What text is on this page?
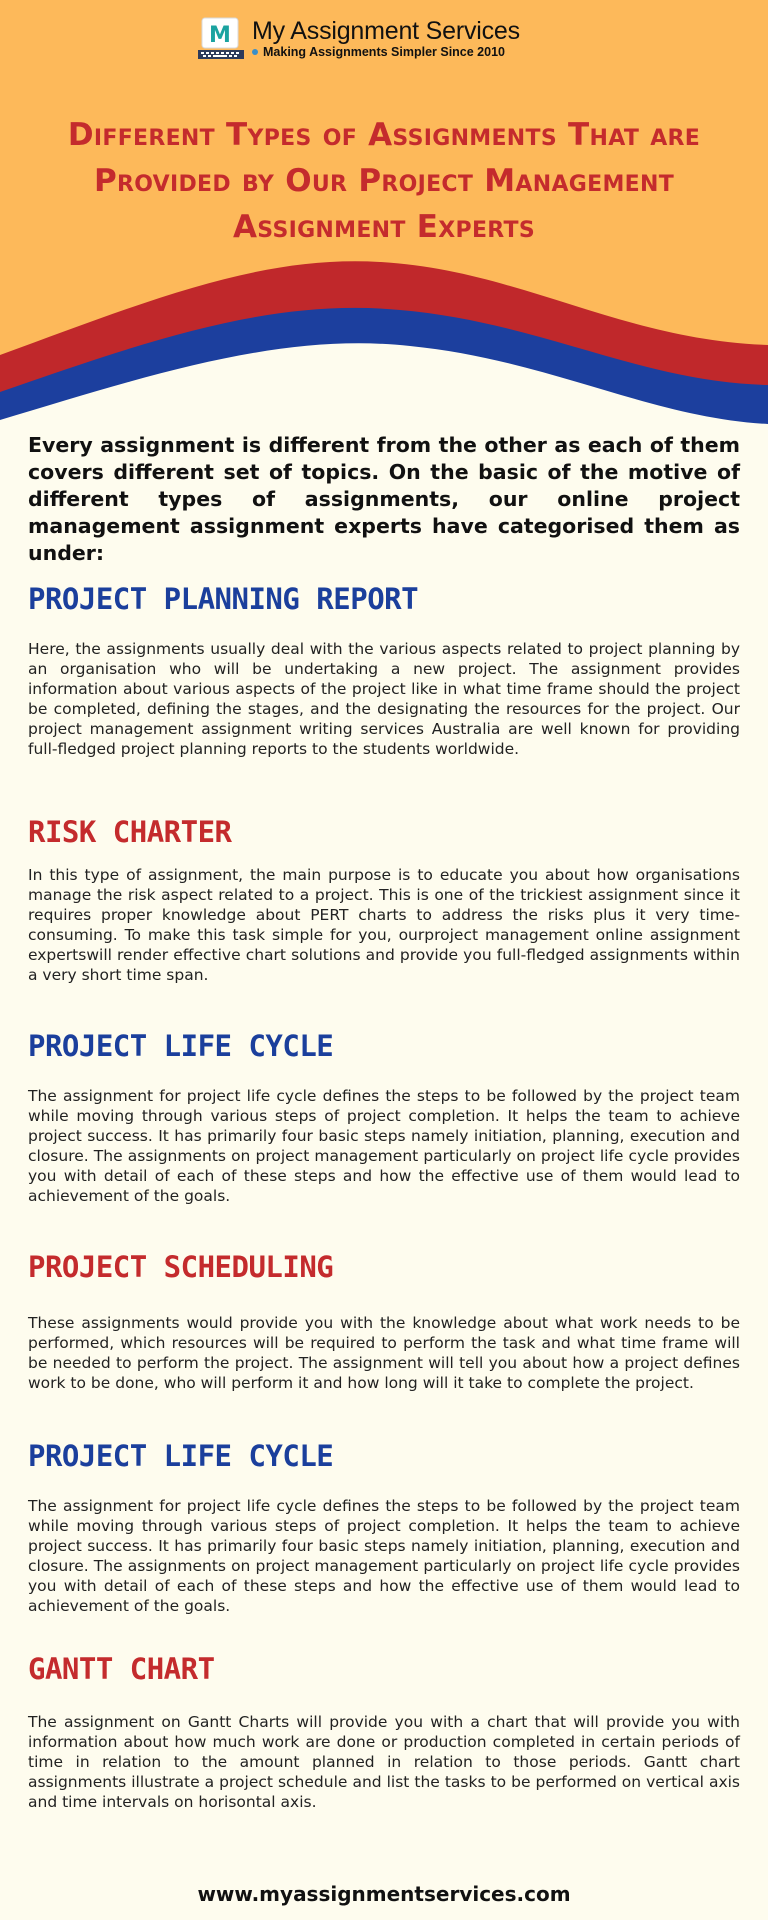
M My Assignment Services
Making Assignments Simpler Since 2010
Different Types of Assignments That are Provided by Our Project Management Assignment Experts
Every assignment is different from the other as each of them covers different set of topics. On the basic of the motive of different types of assignments, our online project management assignment experts have categorised them as under:
PROJECT PLANNING REPORT
Here, the assignments usually deal with the various aspects related to project planning by an organisation who will be undertaking a new project. The assignment provides information about various aspects of the project like in what time frame should the project be completed, defining the stages, and the designating the resources for the project. Our project management assignment writing services Australia are well known for providing full-fledged project planning reports to the students worldwide.
RISK CHARTER
In this type of assignment, the main purpose is to educate you about how organisations manage the risk aspect related to a project. This is one of the trickiest assignment since it requires proper knowledge about PERT charts to address the risks plus it very time-consuming. To make this task simple for you, ourproject management online assignment expertswill render effective chart solutions and provide you full-fledged assignments within a very short time span.
PROJECT LIFE CYCLE
The assignment for project life cycle defines the steps to be followed by the project team while moving through various steps of project completion. It helps the team to achieve project success. It has primarily four basic steps namely initiation, planning, execution and closure. The assignments on project management particularly on project life cycle provides you with detail of each of these steps and how the effective use of them would lead to achievement of the goals.
PROJECT SCHEDULING
These assignments would provide you with the knowledge about what work needs to be performed, which resources will be required to perform the task and what time frame will be needed to perform the project. The assignment will tell you about how a project defines work to be done, who will perform it and how long will it take to complete the project.
PROJECT LIFE CYCLE
The assignment for project life cycle defines the steps to be followed by the project team while moving through various steps of project completion. It helps the team to achieve project success. It has primarily four basic steps namely initiation, planning, execution and closure. The assignments on project management particularly on project life cycle provides you with detail of each of these steps and how the effective use of them would lead to achievement of the goals.
GANTT CHART
The assignment on Gantt Charts will provide you with a chart that will provide you with information about how much work are done or production completed in certain periods of time in relation to the amount planned in relation to those periods. Gantt chart assignments illustrate a project schedule and list the tasks to be performed on vertical axis and time intervals on horisontal axis.
www.myassignmentservices.com
